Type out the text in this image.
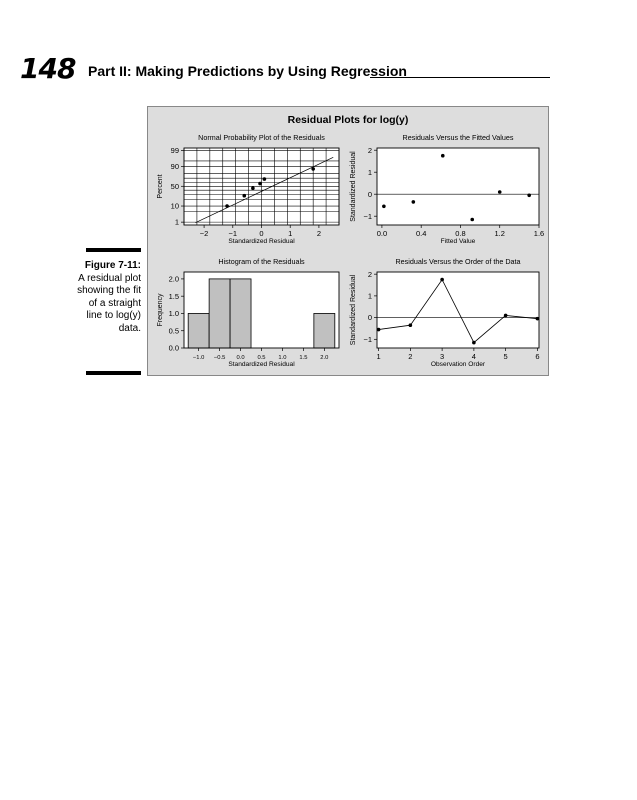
148 Part II: Making Predictions by Using Regression
Figure 7-11:
A residual plot showing the fit of a straight line to log(y) data.
Residual Plots for log(y)
Normal Probability Plot of the Residuals
−2	−1	0	1	2
1
10
50
90
99
Standardized Residual
Percent
Residuals Versus the Fitted Values
0.0	0.4	0.8	1.2	1.6
−1
0
1
2
Fitted Value
Standardized Residual
Histogram of the Residuals
−1.0 −0.5 0.0 0.5 1.0 1.5 2.0
0.0
0.5
1.0
1.5
2.0
Standardized Residual
Frequency
Residuals Versus the Order of the Data
1	2	3	4	5	6
−1
0
1
2
Observation Order
Standardized Residual
